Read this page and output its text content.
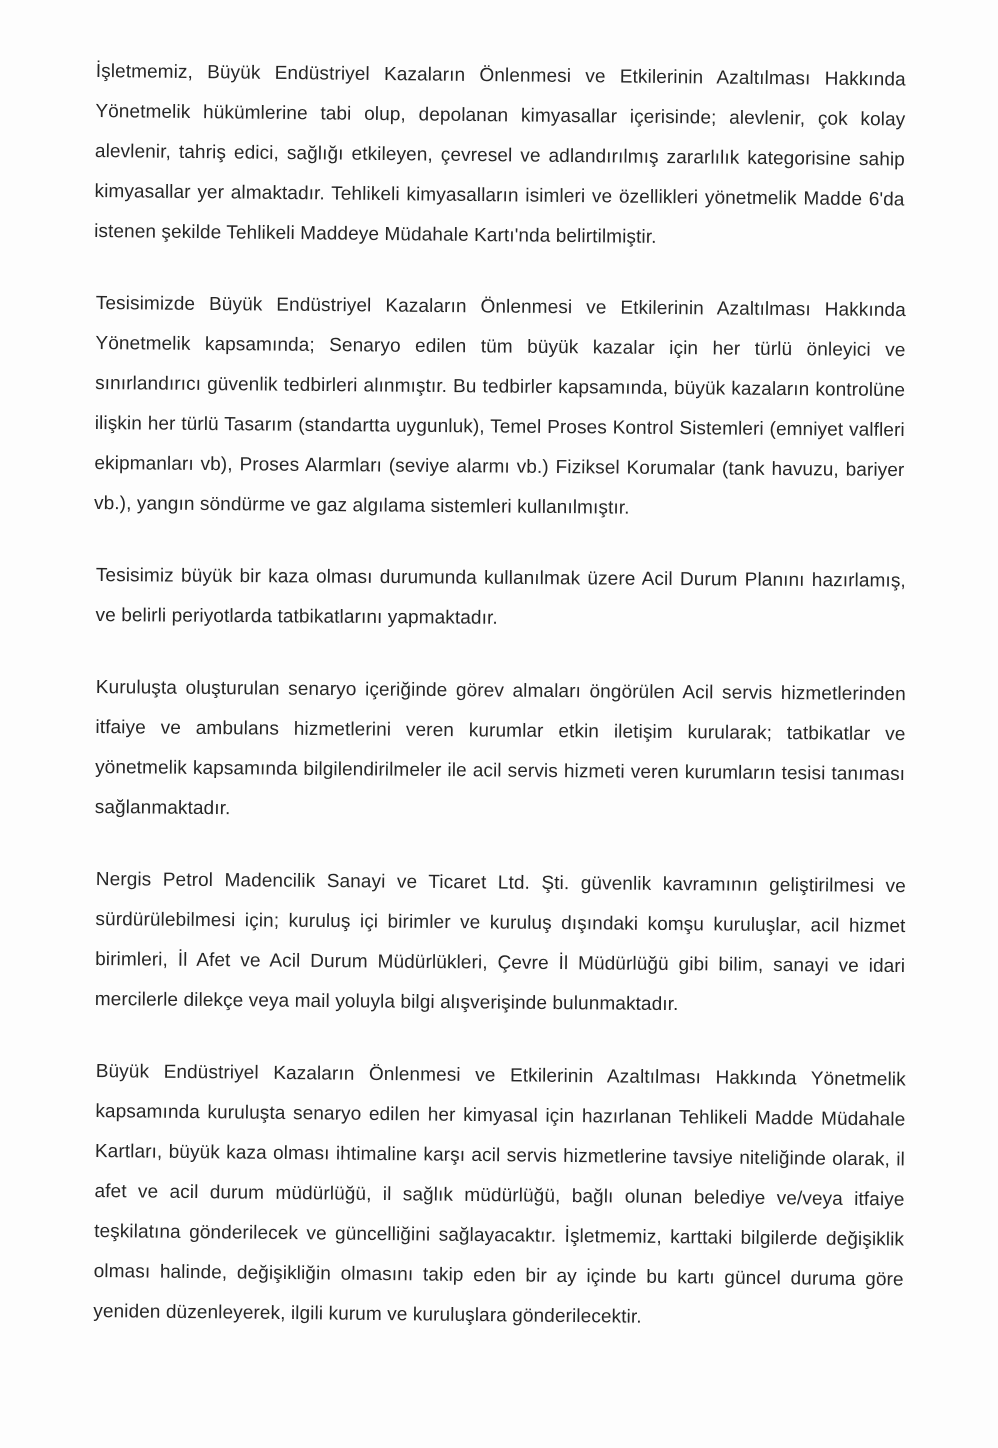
İşletmemiz, Büyük Endüstriyel Kazaların Önlenmesi ve Etkilerinin Azaltılması Hakkında Yönetmelik hükümlerine tabi olup, depolanan kimyasallar içerisinde; alevlenir, çok kolay alevlenir, tahriş edici, sağlığı etkileyen, çevresel ve adlandırılmış zararlılık kategorisine sahip kimyasallar yer almaktadır. Tehlikeli kimyasalların isimleri ve özellikleri yönetmelik Madde 6'da istenen şekilde Tehlikeli Maddeye Müdahale Kartı'nda belirtilmiştir.

Tesisimizde Büyük Endüstriyel Kazaların Önlenmesi ve Etkilerinin Azaltılması Hakkında Yönetmelik kapsamında; Senaryo edilen tüm büyük kazalar için her türlü önleyici ve sınırlandırıcı güvenlik tedbirleri alınmıştır. Bu tedbirler kapsamında, büyük kazaların kontrolüne ilişkin her türlü Tasarım (standartta uygunluk), Temel Proses Kontrol Sistemleri (emniyet valfleri ekipmanları vb), Proses Alarmları (seviye alarmı vb.) Fiziksel Korumalar (tank havuzu, bariyer vb.), yangın söndürme ve gaz algılama sistemleri kullanılmıştır.

Tesisimiz büyük bir kaza olması durumunda kullanılmak üzere Acil Durum Planını hazırlamış, ve belirli periyotlarda tatbikatlarını yapmaktadır.

Kuruluşta oluşturulan senaryo içeriğinde görev almaları öngörülen Acil servis hizmetlerinden itfaiye ve ambulans hizmetlerini veren kurumlar etkin iletişim kurularak; tatbikatlar ve yönetmelik kapsamında bilgilendirilmeler ile acil servis hizmeti veren kurumların tesisi tanıması sağlanmaktadır.

Nergis Petrol Madencilik Sanayi ve Ticaret Ltd. Şti. güvenlik kavramının geliştirilmesi ve sürdürülebilmesi için; kuruluş içi birimler ve kuruluş dışındaki komşu kuruluşlar, acil hizmet birimleri, İl Afet ve Acil Durum Müdürlükleri, Çevre İl Müdürlüğü gibi bilim, sanayi ve idari mercilerle dilekçe veya mail yoluyla bilgi alışverişinde bulunmaktadır.

Büyük Endüstriyel Kazaların Önlenmesi ve Etkilerinin Azaltılması Hakkında Yönetmelik kapsamında kuruluşta senaryo edilen her kimyasal için hazırlanan Tehlikeli Madde Müdahale Kartları, büyük kaza olması ihtimaline karşı acil servis hizmetlerine tavsiye niteliğinde olarak, il afet ve acil durum müdürlüğü, il sağlık müdürlüğü, bağlı olunan belediye ve/veya itfaiye teşkilatına gönderilecek ve güncelliğini sağlayacaktır. İşletmemiz, karttaki bilgilerde değişiklik olması halinde, değişikliğin olmasını takip eden bir ay içinde bu kartı güncel duruma göre yeniden düzenleyerek, ilgili kurum ve kuruluşlara gönderilecektir.
